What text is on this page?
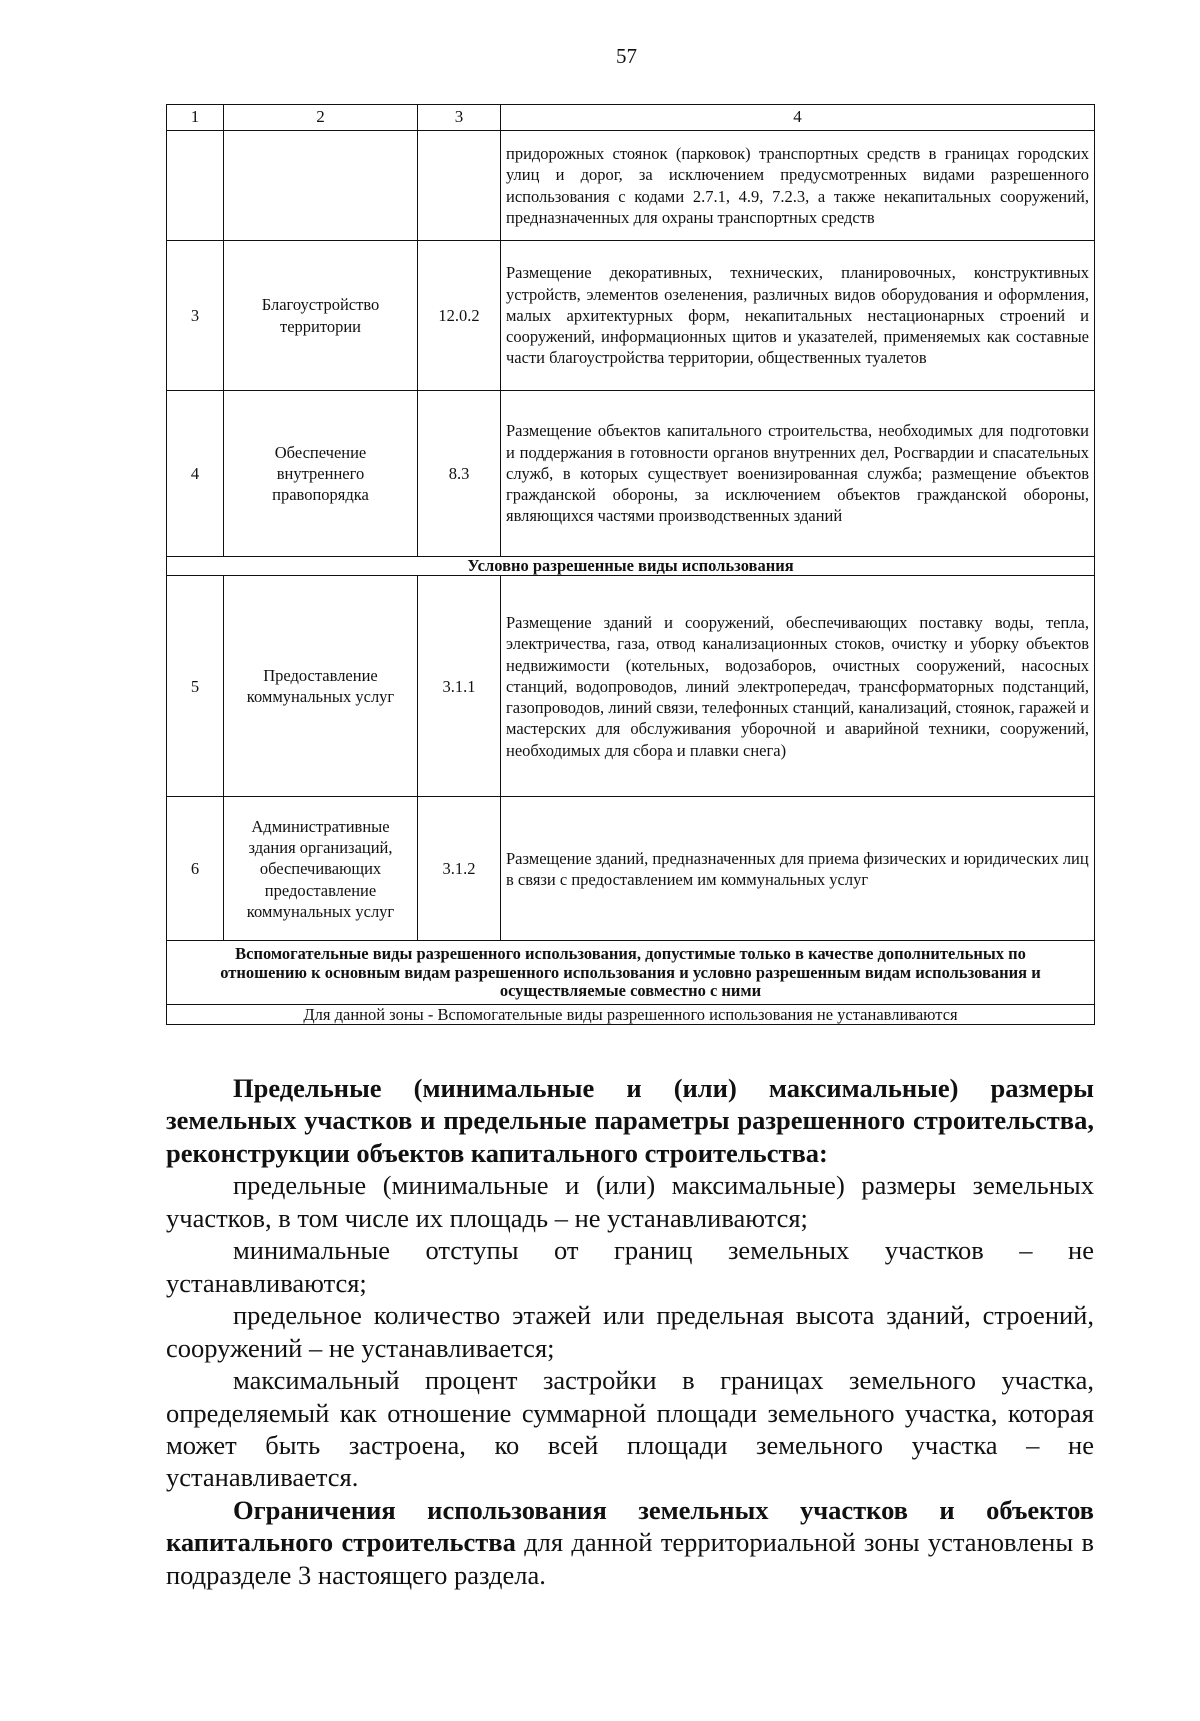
57
1	2	3	4
			придорожных стоянок (парковок) транспортных средств в границах городских улиц и дорог, за исключением предусмотренных видами разрешенного использования с кодами 2.7.1, 4.9, 7.2.3, а также некапитальных сооружений, предназначенных для охраны транспортных средств
3	Благоустройство территории	12.0.2	Размещение декоративных, технических, планировочных, конструктивных устройств, элементов озеленения, различных видов оборудования и оформления, малых архитектурных форм, некапитальных нестационарных строений и сооружений, информационных щитов и указателей, применяемых как составные части благоустройства территории, общественных туалетов
4	Обеспечение внутреннего правопорядка	8.3	Размещение объектов капитального строительства, необходимых для подготовки и поддержания в готовности органов внутренних дел, Росгвардии и спасательных служб, в которых существует военизированная служба; размещение объектов гражданской обороны, за исключением объектов гражданской обороны, являющихся частями производственных зданий
Условно разрешенные виды использования			
5	Предоставление коммунальных услуг	3.1.1	Размещение зданий и сооружений, обеспечивающих поставку воды, тепла, электричества, газа, отвод канализационных стоков, очистку и уборку объектов недвижимости (котельных, водозаборов, очистных сооружений, насосных станций, водопроводов, линий электропередач, трансформаторных подстанций, газопроводов, линий связи, телефонных станций, канализаций, стоянок, гаражей и мастерских для обслуживания уборочной и аварийной техники, сооружений, необходимых для сбора и плавки снега)
6	Административные здания организаций, обеспечивающих предоставление коммунальных услуг	3.1.2	Размещение зданий, предназначенных для приема физических и юридических лиц в связи с предоставлением им коммунальных услуг
Вспомогательные виды разрешенного использования, допустимые только в качестве дополнительных по отношению к основным видам разрешенного использования и условно разрешенным видам использования и осуществляемые совместно с ними			
Для данной зоны - Вспомогательные виды разрешенного использования не устанавливаются			

Предельные (минимальные и (или) максимальные) размеры земельных участков и предельные параметры разрешенного строительства, реконструкции объектов капитального строительства:

предельные (минимальные и (или) максимальные) размеры земельных участков, в том числе их площадь – не устанавливаются;

минимальные отступы от границ земельных участков – не устанавливаются;

предельное количество этажей или предельная высота зданий, строений, сооружений – не устанавливается;

максимальный процент застройки в границах земельного участка, определяемый как отношение суммарной площади земельного участка, которая может быть застроена, ко всей площади земельного участка – не устанавливается.

Ограничения использования земельных участков и объектов капитального строительства для данной территориальной зоны установлены в подразделе 3 настоящего раздела.
